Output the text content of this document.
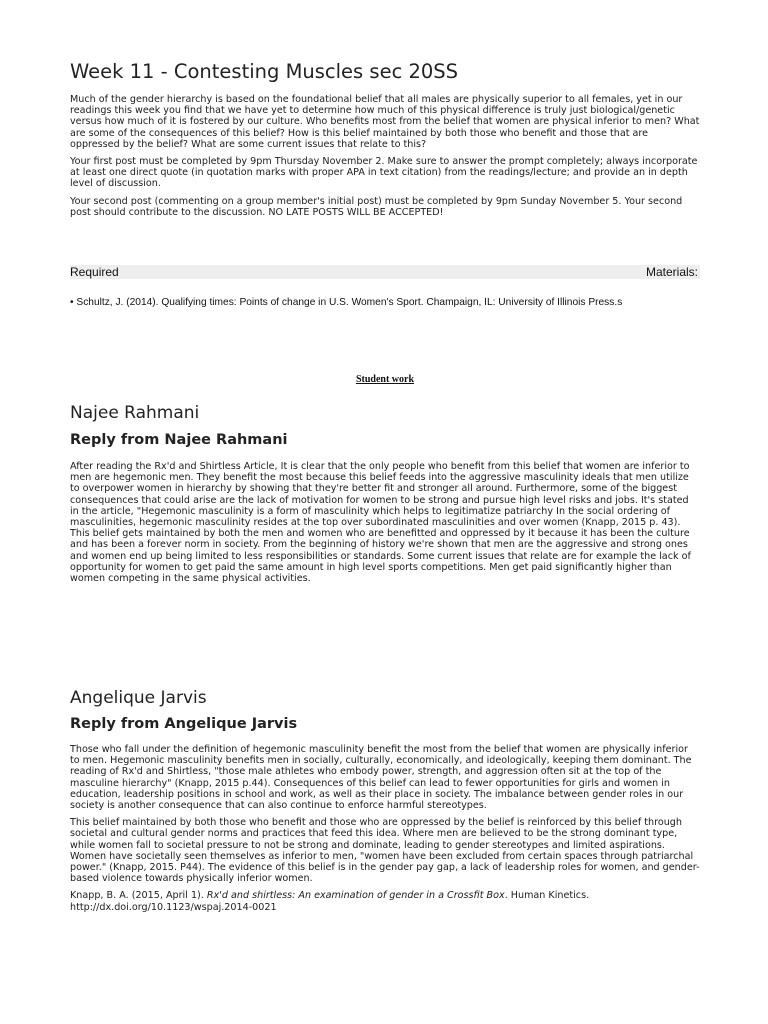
Week 11 - Contesting Muscles sec 20SS

Much of the gender hierarchy is based on the foundational belief that all males are physically superior to all females, yet in our readings this week you find that we have yet to determine how much of this physical difference is truly just biological/genetic versus how much of it is fostered by our culture. Who benefits most from the belief that women are physical inferior to men? What are some of the consequences of this belief? How is this belief maintained by both those who benefit and those that are oppressed by the belief? What are some current issues that relate to this?

Your first post must be completed by 9pm Thursday November 2. Make sure to answer the prompt completely; always incorporate at least one direct quote (in quotation marks with proper APA in text citation) from the readings/lecture; and provide an in depth level of discussion.

Your second post (commenting on a group member's initial post) must be completed by 9pm Sunday November 5. Your second post should contribute to the discussion. NO LATE POSTS WILL BE ACCEPTED!

Required	Materials:

• Schultz, J. (2014). Qualifying times: Points of change in U.S. Women's Sport. Champaign, IL: University of Illinois Press.s

Student work
Najee Rahmani
Reply from Najee Rahmani

After reading the Rx'd and Shirtless Article, It is clear that the only people who benefit from this belief that women are inferior to men are hegemonic men. They benefit the most because this belief feeds into the aggressive masculinity ideals that men utilize to overpower women in hierarchy by showing that they're better fit and stronger all around. Furthermore, some of the biggest consequences that could arise are the lack of motivation for women to be strong and pursue high level risks and jobs. It's stated in the article, "Hegemonic masculinity is a form of masculinity which helps to legitimatize patriarchy In the social ordering of masculinities, hegemonic masculinity resides at the top over subordinated masculinities and over women (Knapp, 2015 p. 43). This belief gets maintained by both the men and women who are benefitted and oppressed by it because it has been the culture and has been a forever norm in society. From the beginning of history we're shown that men are the aggressive and strong ones and women end up being limited to less responsibilities or standards. Some current issues that relate are for example the lack of opportunity for women to get paid the same amount in high level sports competitions. Men get paid significantly higher than women competing in the same physical activities.

Angelique Jarvis
Reply from Angelique Jarvis

Those who fall under the definition of hegemonic masculinity benefit the most from the belief that women are physically inferior to men. Hegemonic masculinity benefits men in socially, culturally, economically, and ideologically, keeping them dominant. The reading of Rx'd and Shirtless, "those male athletes who embody power, strength, and aggression often sit at the top of the masculine hierarchy" (Knapp, 2015 p.44). Consequences of this belief can lead to fewer opportunities for girls and women in education, leadership positions in school and work, as well as their place in society. The imbalance between gender roles in our society is another consequence that can also continue to enforce harmful stereotypes.

This belief maintained by both those who benefit and those who are oppressed by the belief is reinforced by this belief through societal and cultural gender norms and practices that feed this idea. Where men are believed to be the strong dominant type, while women fall to societal pressure to not be strong and dominate, leading to gender stereotypes and limited aspirations. Women have societally seen themselves as inferior to men, "women have been excluded from certain spaces through patriarchal power." (Knapp, 2015. P44). The evidence of this belief is in the gender pay gap, a lack of leadership roles for women, and gender-based violence towards physically inferior women.

Knapp, B. A. (2015, April 1). Rx'd and shirtless: An examination of gender in a Crossfit Box. Human Kinetics.
http://dx.doi.org/10.1123/wspaj.2014-0021
